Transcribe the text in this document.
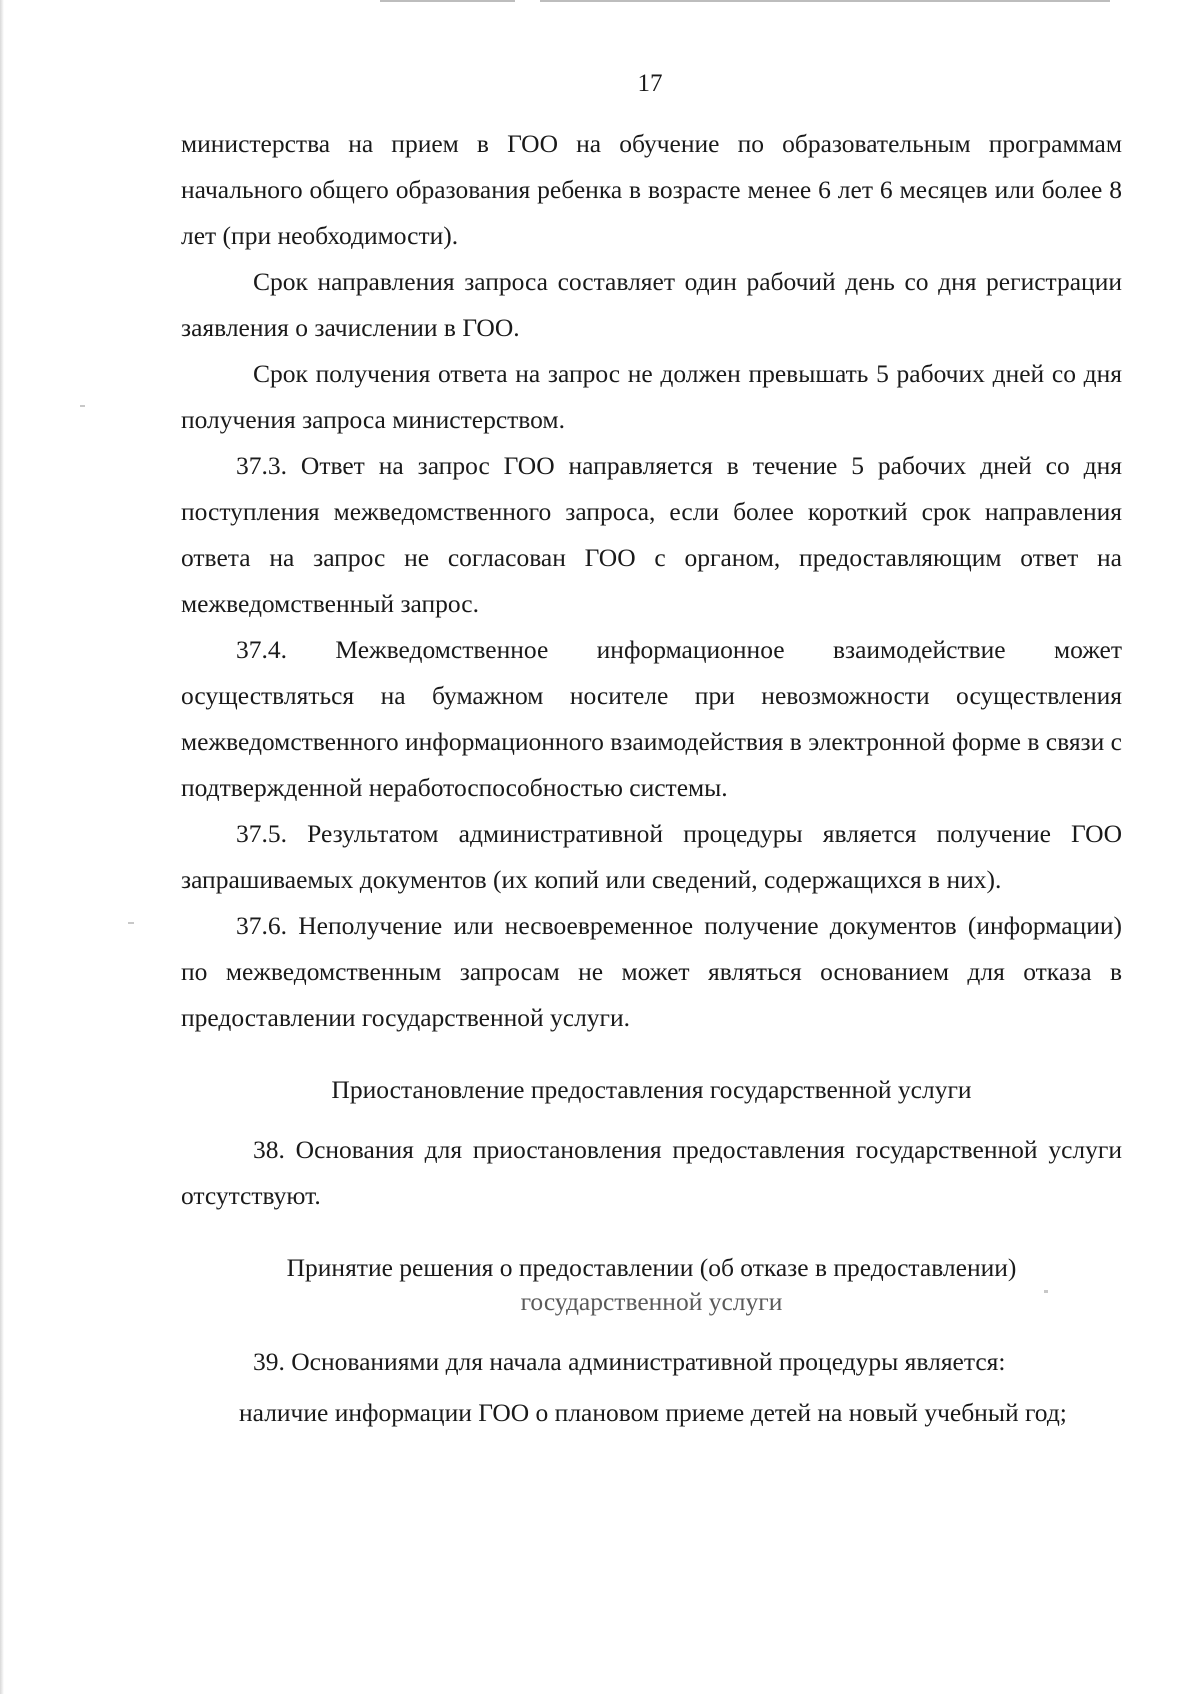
17

министерства на прием в ГОО на обучение по образовательным программам начального общего образования ребенка в возрасте менее 6 лет 6 месяцев или более 8 лет (при необходимости).

Срок направления запроса составляет один рабочий день со дня регистрации заявления о зачислении в ГОО.

Срок получения ответа на запрос не должен превышать 5 рабочих дней со дня получения запроса министерством.

37.3. Ответ на запрос ГОО направляется в течение 5 рабочих дней со дня поступления межведомственного запроса, если более короткий срок направления ответа на запрос не согласован ГОО с органом, предоставляющим ответ на межведомственный запрос.

37.4. Межведомственное информационное взаимодействие может осуществляться на бумажном носителе при невозможности осуществления межведомственного информационного взаимодействия в электронной форме в связи с подтвержденной неработоспособностью системы.

37.5. Результатом административной процедуры является получение ГОО запрашиваемых документов (их копий или сведений, содержащихся в них).

37.6. Неполучение или несвоевременное получение документов (информации) по межведомственным запросам не может являться основанием для отказа в предоставлении государственной услуги.

Приостановление предоставления государственной услуги

38. Основания для приостановления предоставления государственной услуги отсутствуют.

Принятие решения о предоставлении (об отказе в предоставлении)
государственной услуги

39. Основаниями для начала административной процедуры является:

наличие информации ГОО о плановом приеме детей на новый учебный год;
